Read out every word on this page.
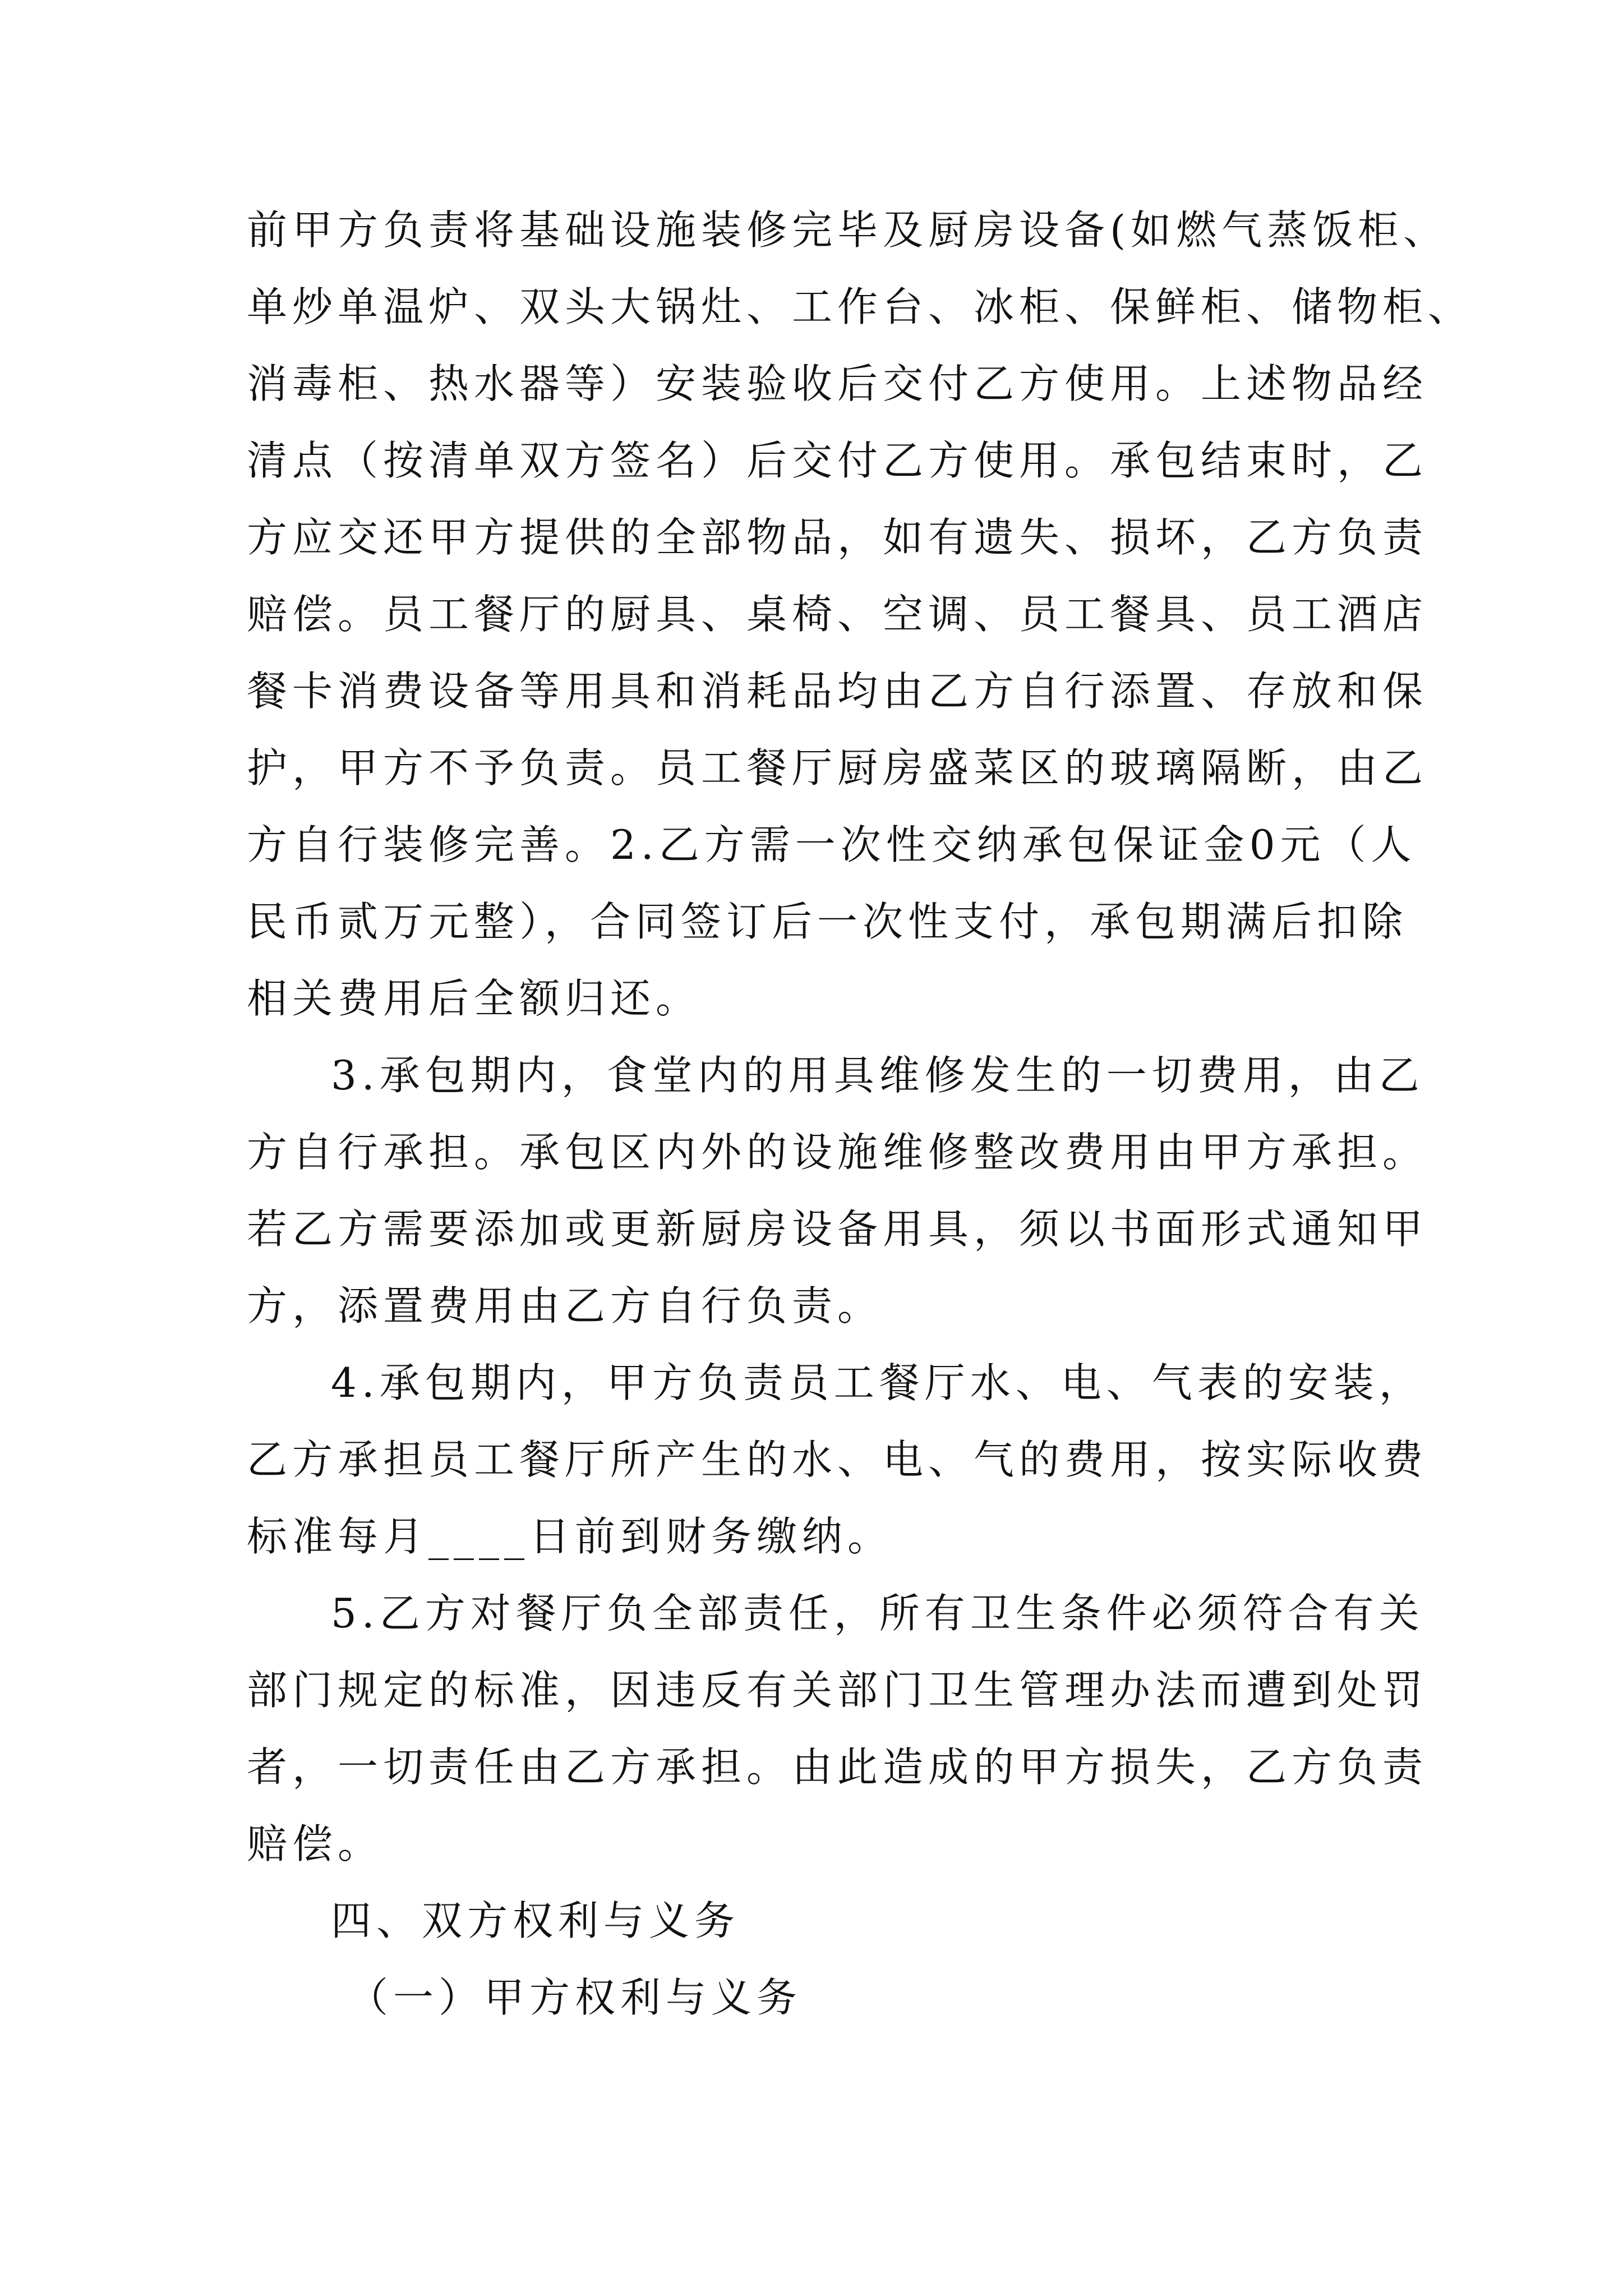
前甲方负责将基础设施装修完毕及厨房设备(如燃气蒸饭柜、
单炒单温炉、双头大锅灶、工作台、冰柜、保鲜柜、储物柜、
消毒柜、热水器等）安装验收后交付乙方使用。上述物品经
清点（按清单双方签名）后交付乙方使用。承包结束时，乙
方应交还甲方提供的全部物品，如有遗失、损坏，乙方负责
赔偿。员工餐厅的厨具、桌椅、空调、员工餐具、员工酒店
餐卡消费设备等用具和消耗品均由乙方自行添置、存放和保
护，甲方不予负责。员工餐厅厨房盛菜区的玻璃隔断，由乙
方自行装修完善。2.乙方需一次性交纳承包保证金0元（人
民币贰万元整），合同签订后一次性支付，承包期满后扣除
相关费用后全额归还。
3.承包期内，食堂内的用具维修发生的一切费用，由乙
方自行承担。承包区内外的设施维修整改费用由甲方承担。
若乙方需要添加或更新厨房设备用具，须以书面形式通知甲
方，添置费用由乙方自行负责。
4.承包期内，甲方负责员工餐厅水、电、气表的安装，
乙方承担员工餐厅所产生的水、电、气的费用，按实际收费
标准每月____日前到财务缴纳。
5.乙方对餐厅负全部责任，所有卫生条件必须符合有关
部门规定的标准，因违反有关部门卫生管理办法而遭到处罚
者，一切责任由乙方承担。由此造成的甲方损失，乙方负责
赔偿。
四、双方权利与义务
（一）甲方权利与义务
